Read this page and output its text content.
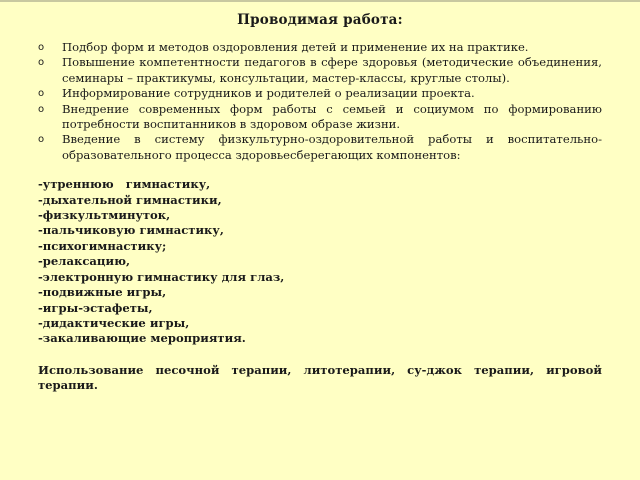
Проводимая работа:
o Подбор форм и методов оздоровления детей и применение их на практике.
o Повышение компетентности педагогов в сфере здоровья (методические объединения, семинары – практикумы, консультации, мастер-классы, круглые столы).
o Информирование сотрудников и родителей о реализации проекта.
o Внедрение современных форм работы с семьей и социумом по формированию потребности воспитанников в здоровом образе жизни.
o Введение в систему физкультурно-оздоровительной работы и воспитательно-образовательного процесса здоровьесберегающих компонентов:
-утреннюю   гимнастику,
-дыхательной гимнастики,
-физкультминуток,
-пальчиковую гимнастику,
-психогимнастику;
-релаксацию,
-электронную гимнастику для глаз,
-подвижные игры,
-игры-эстафеты,
-дидактические игры,
-закаливающие мероприятия.
Использование песочной терапии, литотерапии, су-джок терапии, игровой терапии.
